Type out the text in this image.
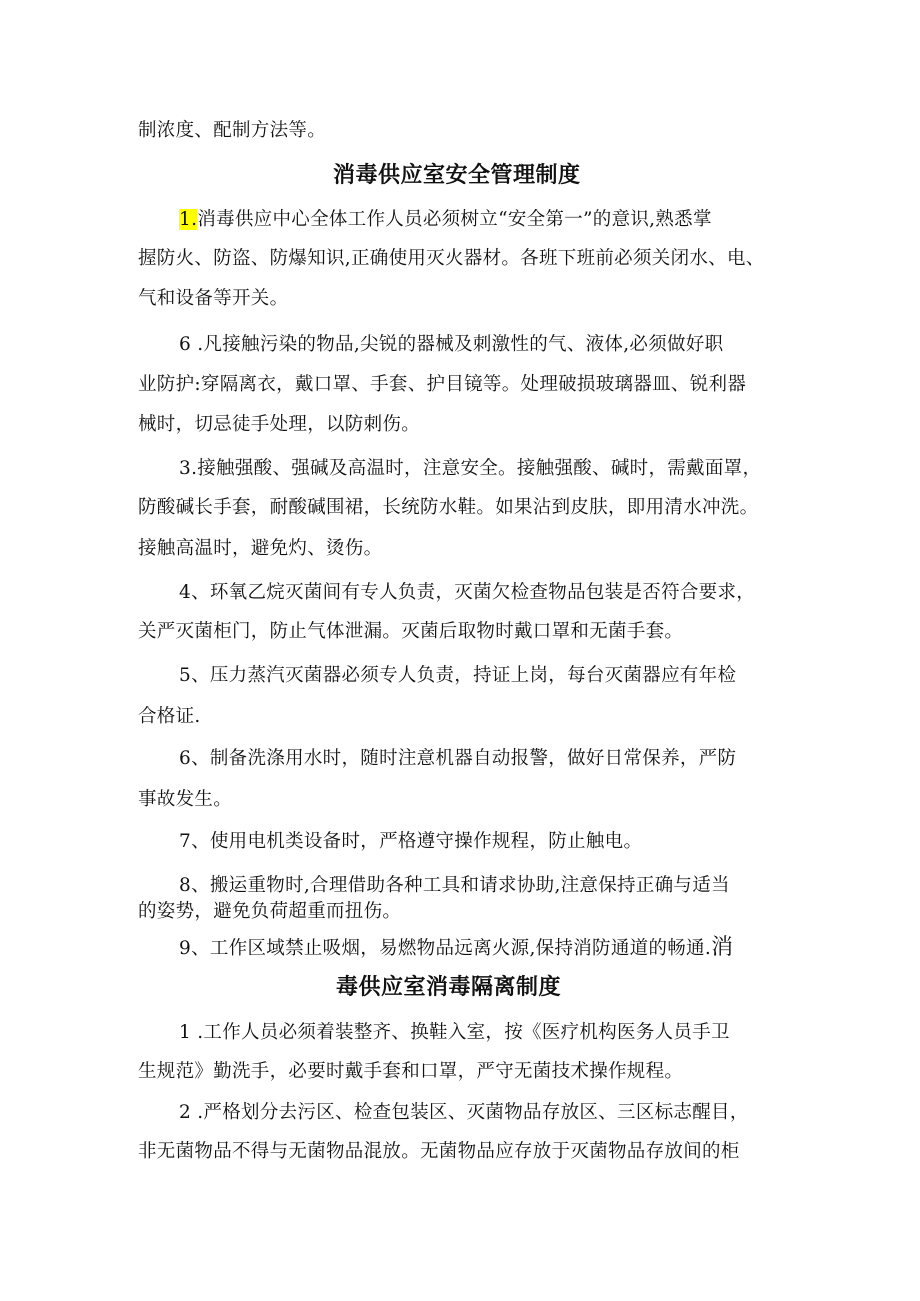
制浓度、配制方法等。

消毒供应室安全管理制度

1.消毒供应中心全体工作人员必须树立“安全第一”的意识,熟悉掌

握防火、防盗、防爆知识,正确使用灭火器材。各班下班前必须关闭水、电、

气和设备等开关。

6 .凡接触污染的物品,尖锐的器械及刺激性的气、液体,必须做好职

业防护:穿隔离衣，戴口罩、手套、护目镜等。处理破损玻璃器皿、锐利器

械时，切忌徒手处理，以防刺伤。

3.接触强酸、强碱及高温时，注意安全。接触强酸、碱时，需戴面罩，

防酸碱长手套，耐酸碱围裙，长统防水鞋。如果沾到皮肤，即用清水冲洗。

接触高温时，避免灼、烫伤。

4、环氧乙烷灭菌间有专人负责，灭菌欠检查物品包装是否符合要求，

关严灭菌柜门，防止气体泄漏。灭菌后取物时戴口罩和无菌手套。

5、压力蒸汽灭菌器必须专人负责，持证上岗，每台灭菌器应有年检

合格证.

6、制备洗涤用水时，随时注意机器自动报警，做好日常保养，严防

事故发生。

7、使用电机类设备时，严格遵守操作规程，防止触电。

8、搬运重物时,合理借助各种工具和请求协助,注意保持正确与适当

的姿势，避免负荷超重而扭伤。

9、工作区域禁止吸烟，易燃物品远离火源,保持消防通道的畅通.消

毒供应室消毒隔离制度

1 .工作人员必须着装整齐、换鞋入室，按《医疗机构医务人员手卫

生规范》勤洗手，必要时戴手套和口罩，严守无菌技术操作规程。

2 .严格划分去污区、检查包装区、灭菌物品存放区、三区标志醒目，

非无菌物品不得与无菌物品混放。无菌物品应存放于灭菌物品存放间的柜
